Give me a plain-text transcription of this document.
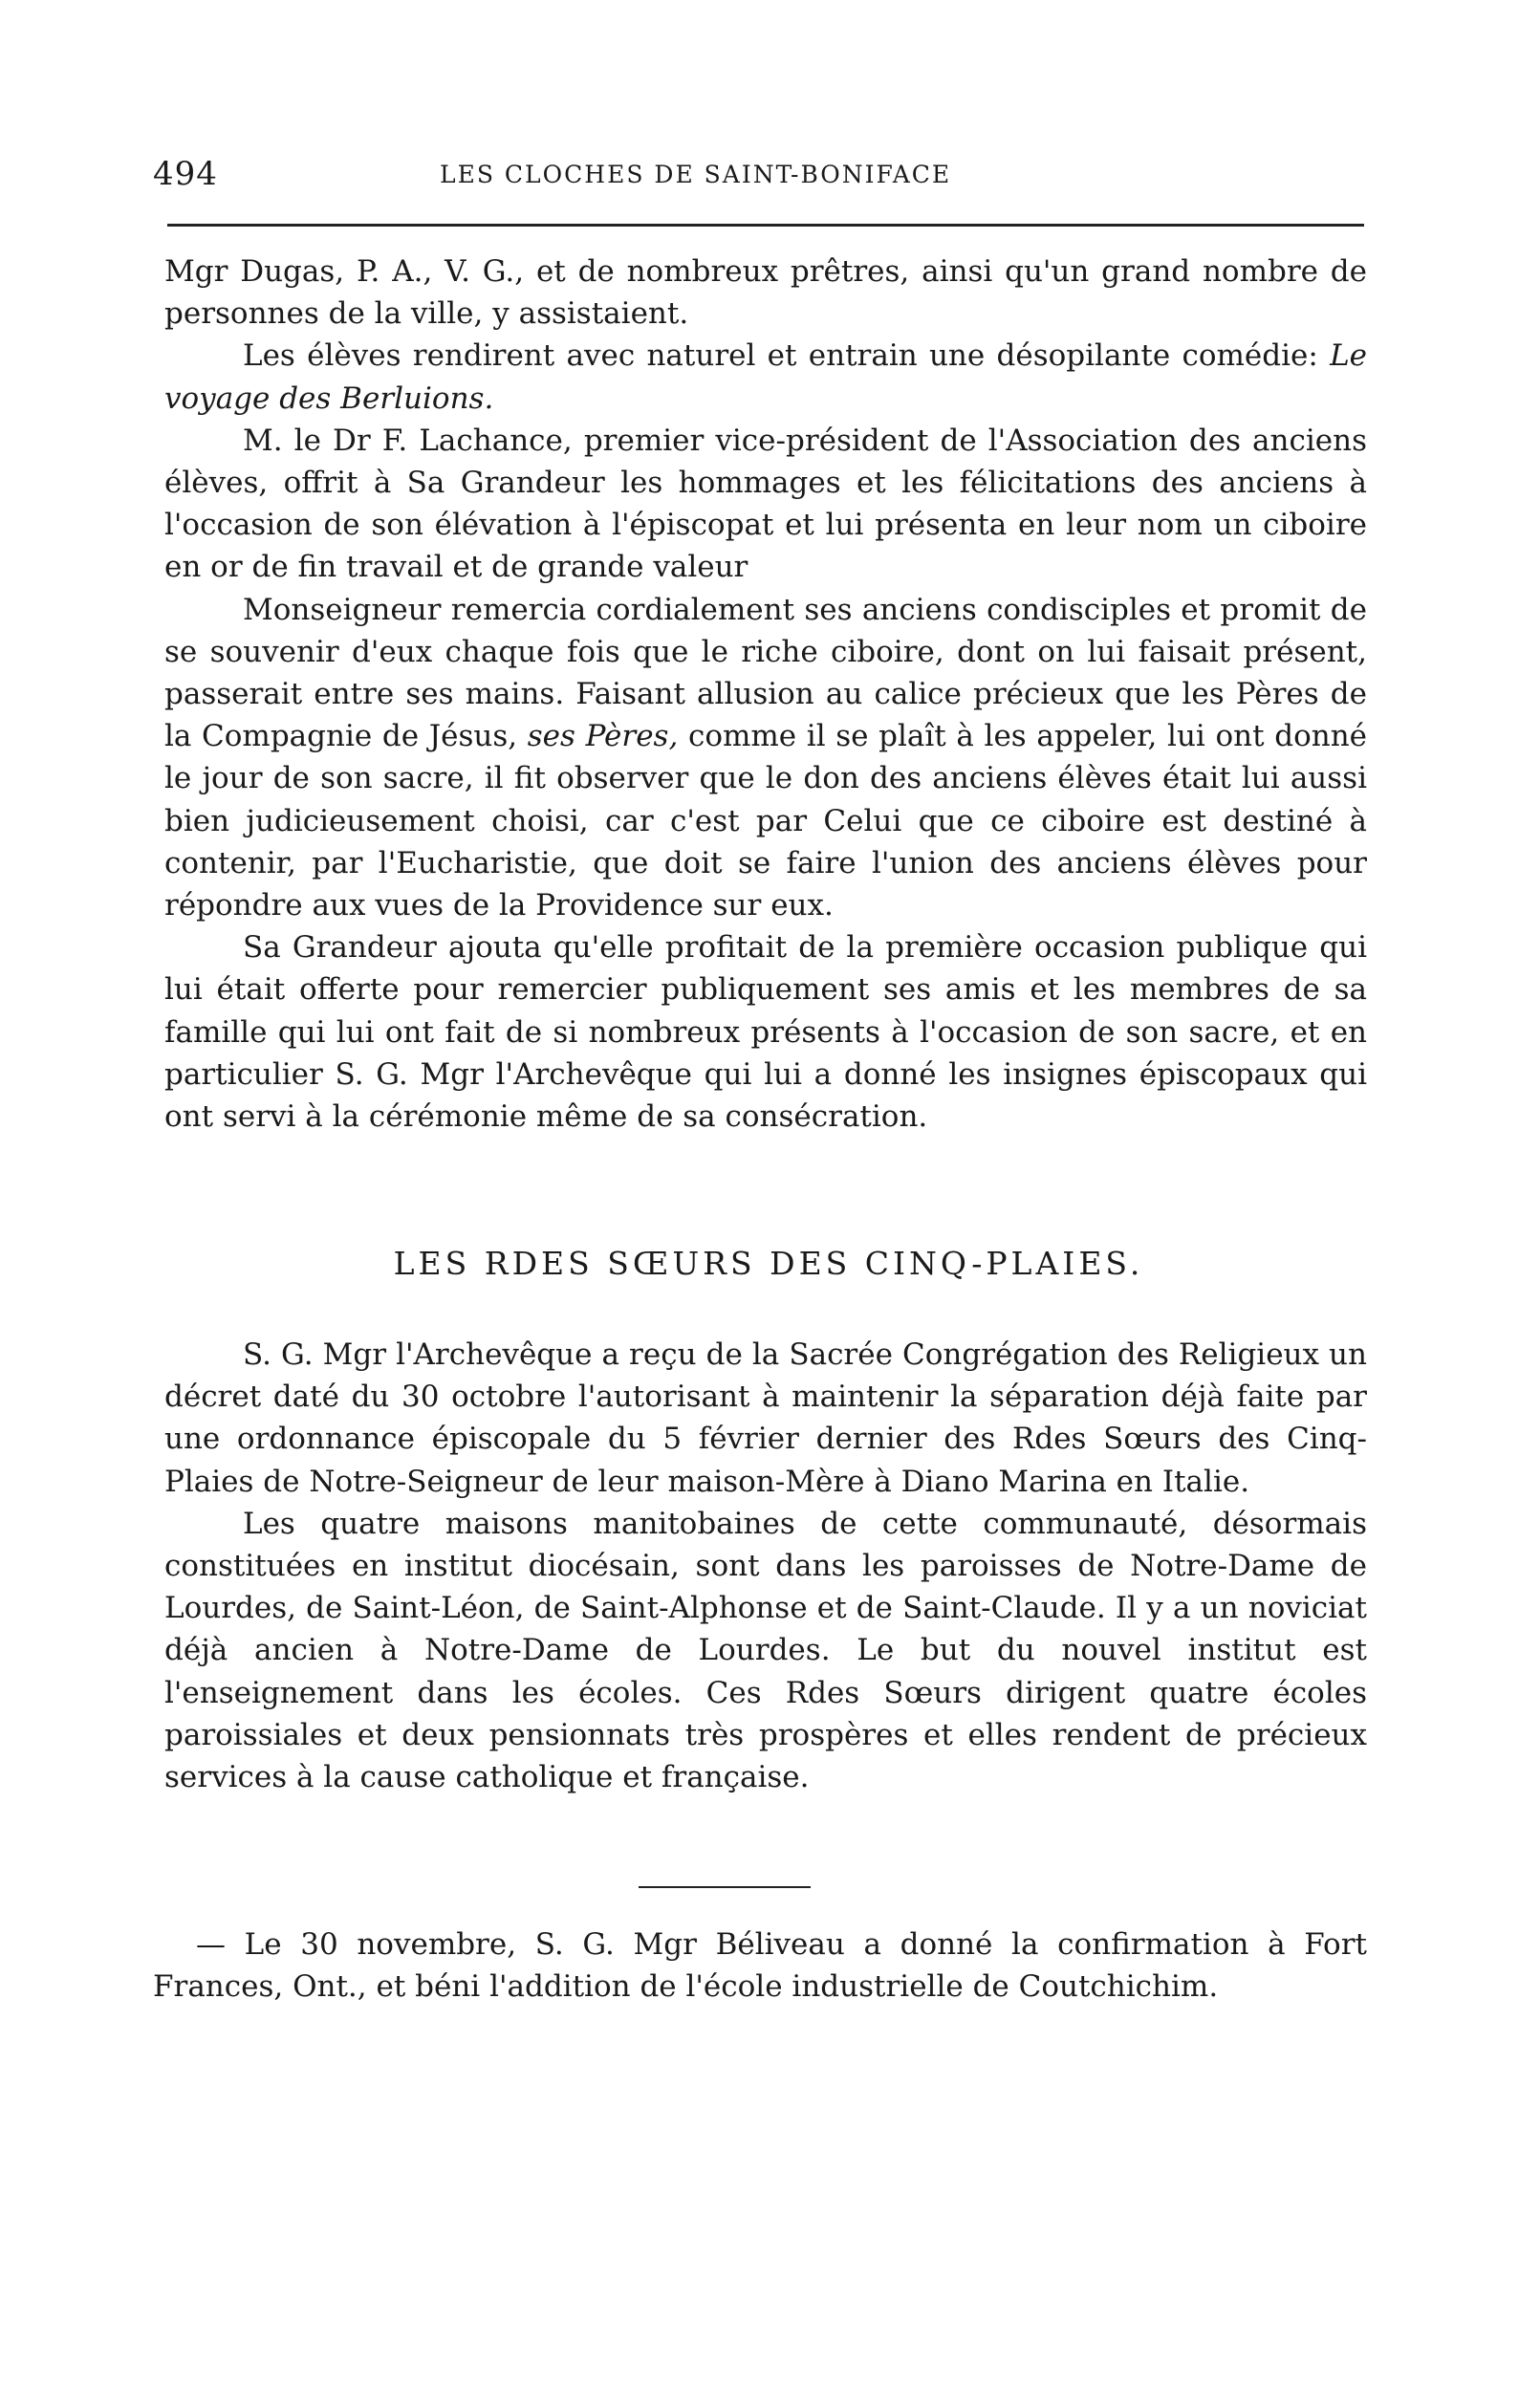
494	LES CLOCHES DE SAINT-BONIFACE

Mgr Dugas, P. A., V. G., et de nombreux prêtres, ainsi qu'un grand nombre de personnes de la ville, y assistaient.

Les élèves rendirent avec naturel et entrain une désopilante comédie: Le voyage des Berluions.

M. le Dr F. Lachance, premier vice-président de l'Association des anciens élèves, offrit à Sa Grandeur les hommages et les félicitations des anciens à l'occasion de son élévation à l'épiscopat et lui présenta en leur nom un ciboire en or de fin travail et de grande valeur

Monseigneur remercia cordialement ses anciens condisciples et promit de se souvenir d'eux chaque fois que le riche ciboire, dont on lui faisait présent, passerait entre ses mains. Faisant allusion au calice précieux que les Pères de la Compagnie de Jésus, ses Pères, comme il se plaît à les appeler, lui ont donné le jour de son sacre, il fit observer que le don des anciens élèves était lui aussi bien judicieusement choisi, car c'est par Celui que ce ciboire est destiné à contenir, par l'Eucharistie, que doit se faire l'union des anciens élèves pour répondre aux vues de la Providence sur eux.

Sa Grandeur ajouta qu'elle profitait de la première occasion publique qui lui était offerte pour remercier publiquement ses amis et les membres de sa famille qui lui ont fait de si nombreux présents à l'occasion de son sacre, et en particulier S. G. Mgr l'Archevêque qui lui a donné les insignes épiscopaux qui ont servi à la cérémonie même de sa consécration.

LES RDES SŒURS DES CINQ-PLAIES.

S. G. Mgr l'Archevêque a reçu de la Sacrée Congrégation des Religieux un décret daté du 30 octobre l'autorisant à maintenir la séparation déjà faite par une ordonnance épiscopale du 5 février dernier des Rdes Sœurs des Cinq-Plaies de Notre-Seigneur de leur maison-Mère à Diano Marina en Italie.

Les quatre maisons manitobaines de cette communauté, désormais constituées en institut diocésain, sont dans les paroisses de Notre-Dame de Lourdes, de Saint-Léon, de Saint-Alphonse et de Saint-Claude. Il y a un noviciat déjà ancien à Notre-Dame de Lourdes. Le but du nouvel institut est l'enseignement dans les écoles. Ces Rdes Sœurs dirigent quatre écoles paroissiales et deux pensionnats très prospères et elles rendent de précieux services à la cause catholique et française.

— Le 30 novembre, S. G. Mgr Béliveau a donné la confirmation à Fort Frances, Ont., et béni l'addition de l'école industrielle de Coutchichim.
